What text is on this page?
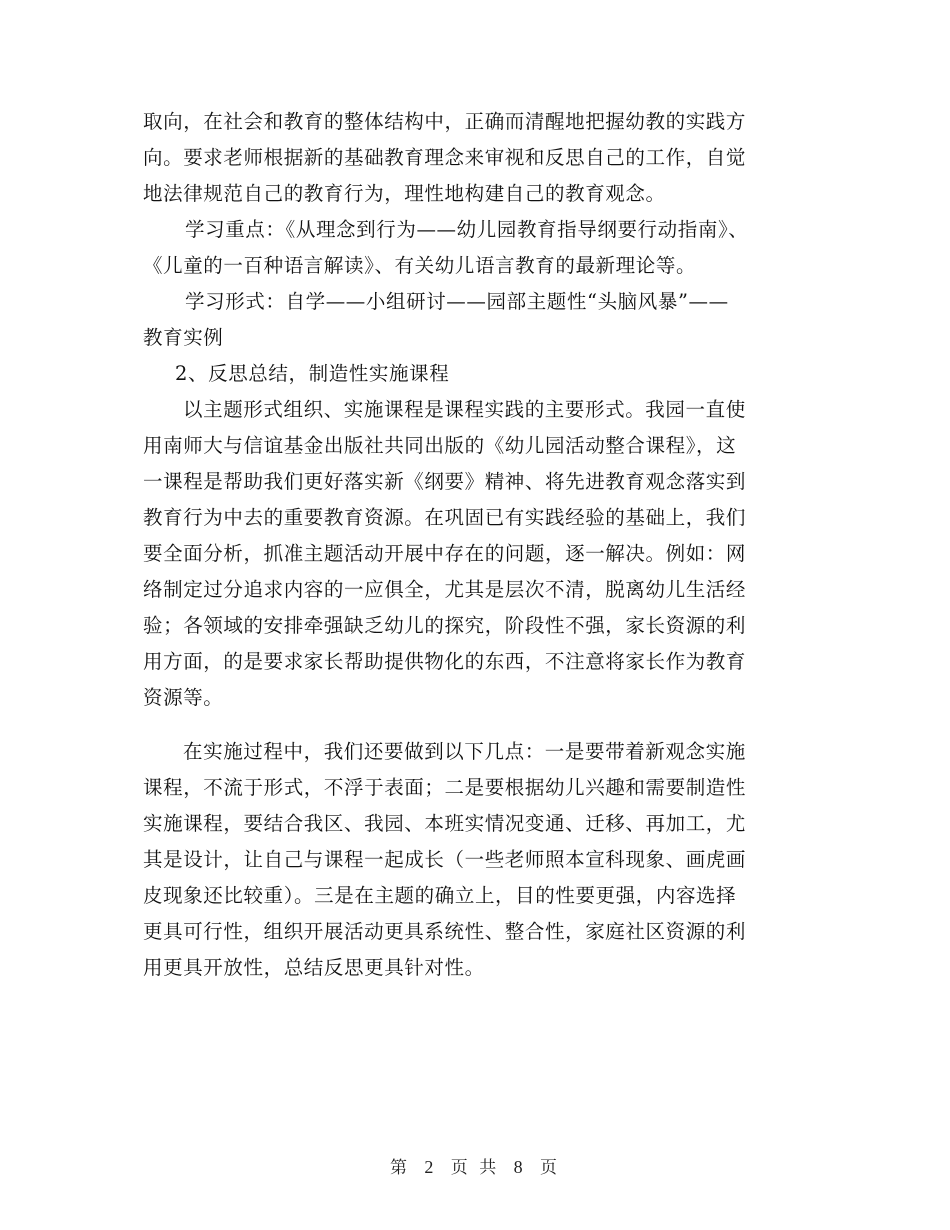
取向，在社会和教育的整体结构中，正确而清醒地把握幼教的实践方
向。要求老师根据新的基础教育理念来审视和反思自己的工作，自觉
地法律规范自己的教育行为，理性地构建自己的教育观念。
学习重点：《从理念到行为——幼儿园教育指导纲要行动指南》、
《儿童的一百种语言解读》、有关幼儿语言教育的最新理论等。
学习形式：自学——小组研讨——园部主题性“头脑风暴”——
教育实例
2、反思总结，制造性实施课程
以主题形式组织、实施课程是课程实践的主要形式。我园一直使
用南师大与信谊基金出版社共同出版的《幼儿园活动整合课程》，这
一课程是帮助我们更好落实新《纲要》精神、将先进教育观念落实到
教育行为中去的重要教育资源。在巩固已有实践经验的基础上，我们
要全面分析，抓准主题活动开展中存在的问题，逐一解决。例如：网
络制定过分追求内容的一应俱全，尤其是层次不清，脱离幼儿生活经
验；各领域的安排牵强缺乏幼儿的探究，阶段性不强，家长资源的利
用方面，的是要求家长帮助提供物化的东西，不注意将家长作为教育
资源等。
在实施过程中，我们还要做到以下几点：一是要带着新观念实施
课程，不流于形式，不浮于表面；二是要根据幼儿兴趣和需要制造性
实施课程，要结合我区、我园、本班实情况变通、迁移、再加工，尤
其是设计，让自己与课程一起成长（一些老师照本宣科现象、画虎画
皮现象还比较重）。三是在主题的确立上，目的性要更强，内容选择
更具可行性，组织开展活动更具系统性、整合性，家庭社区资源的利
用更具开放性，总结反思更具针对性。
第 2 页 共 8 页
